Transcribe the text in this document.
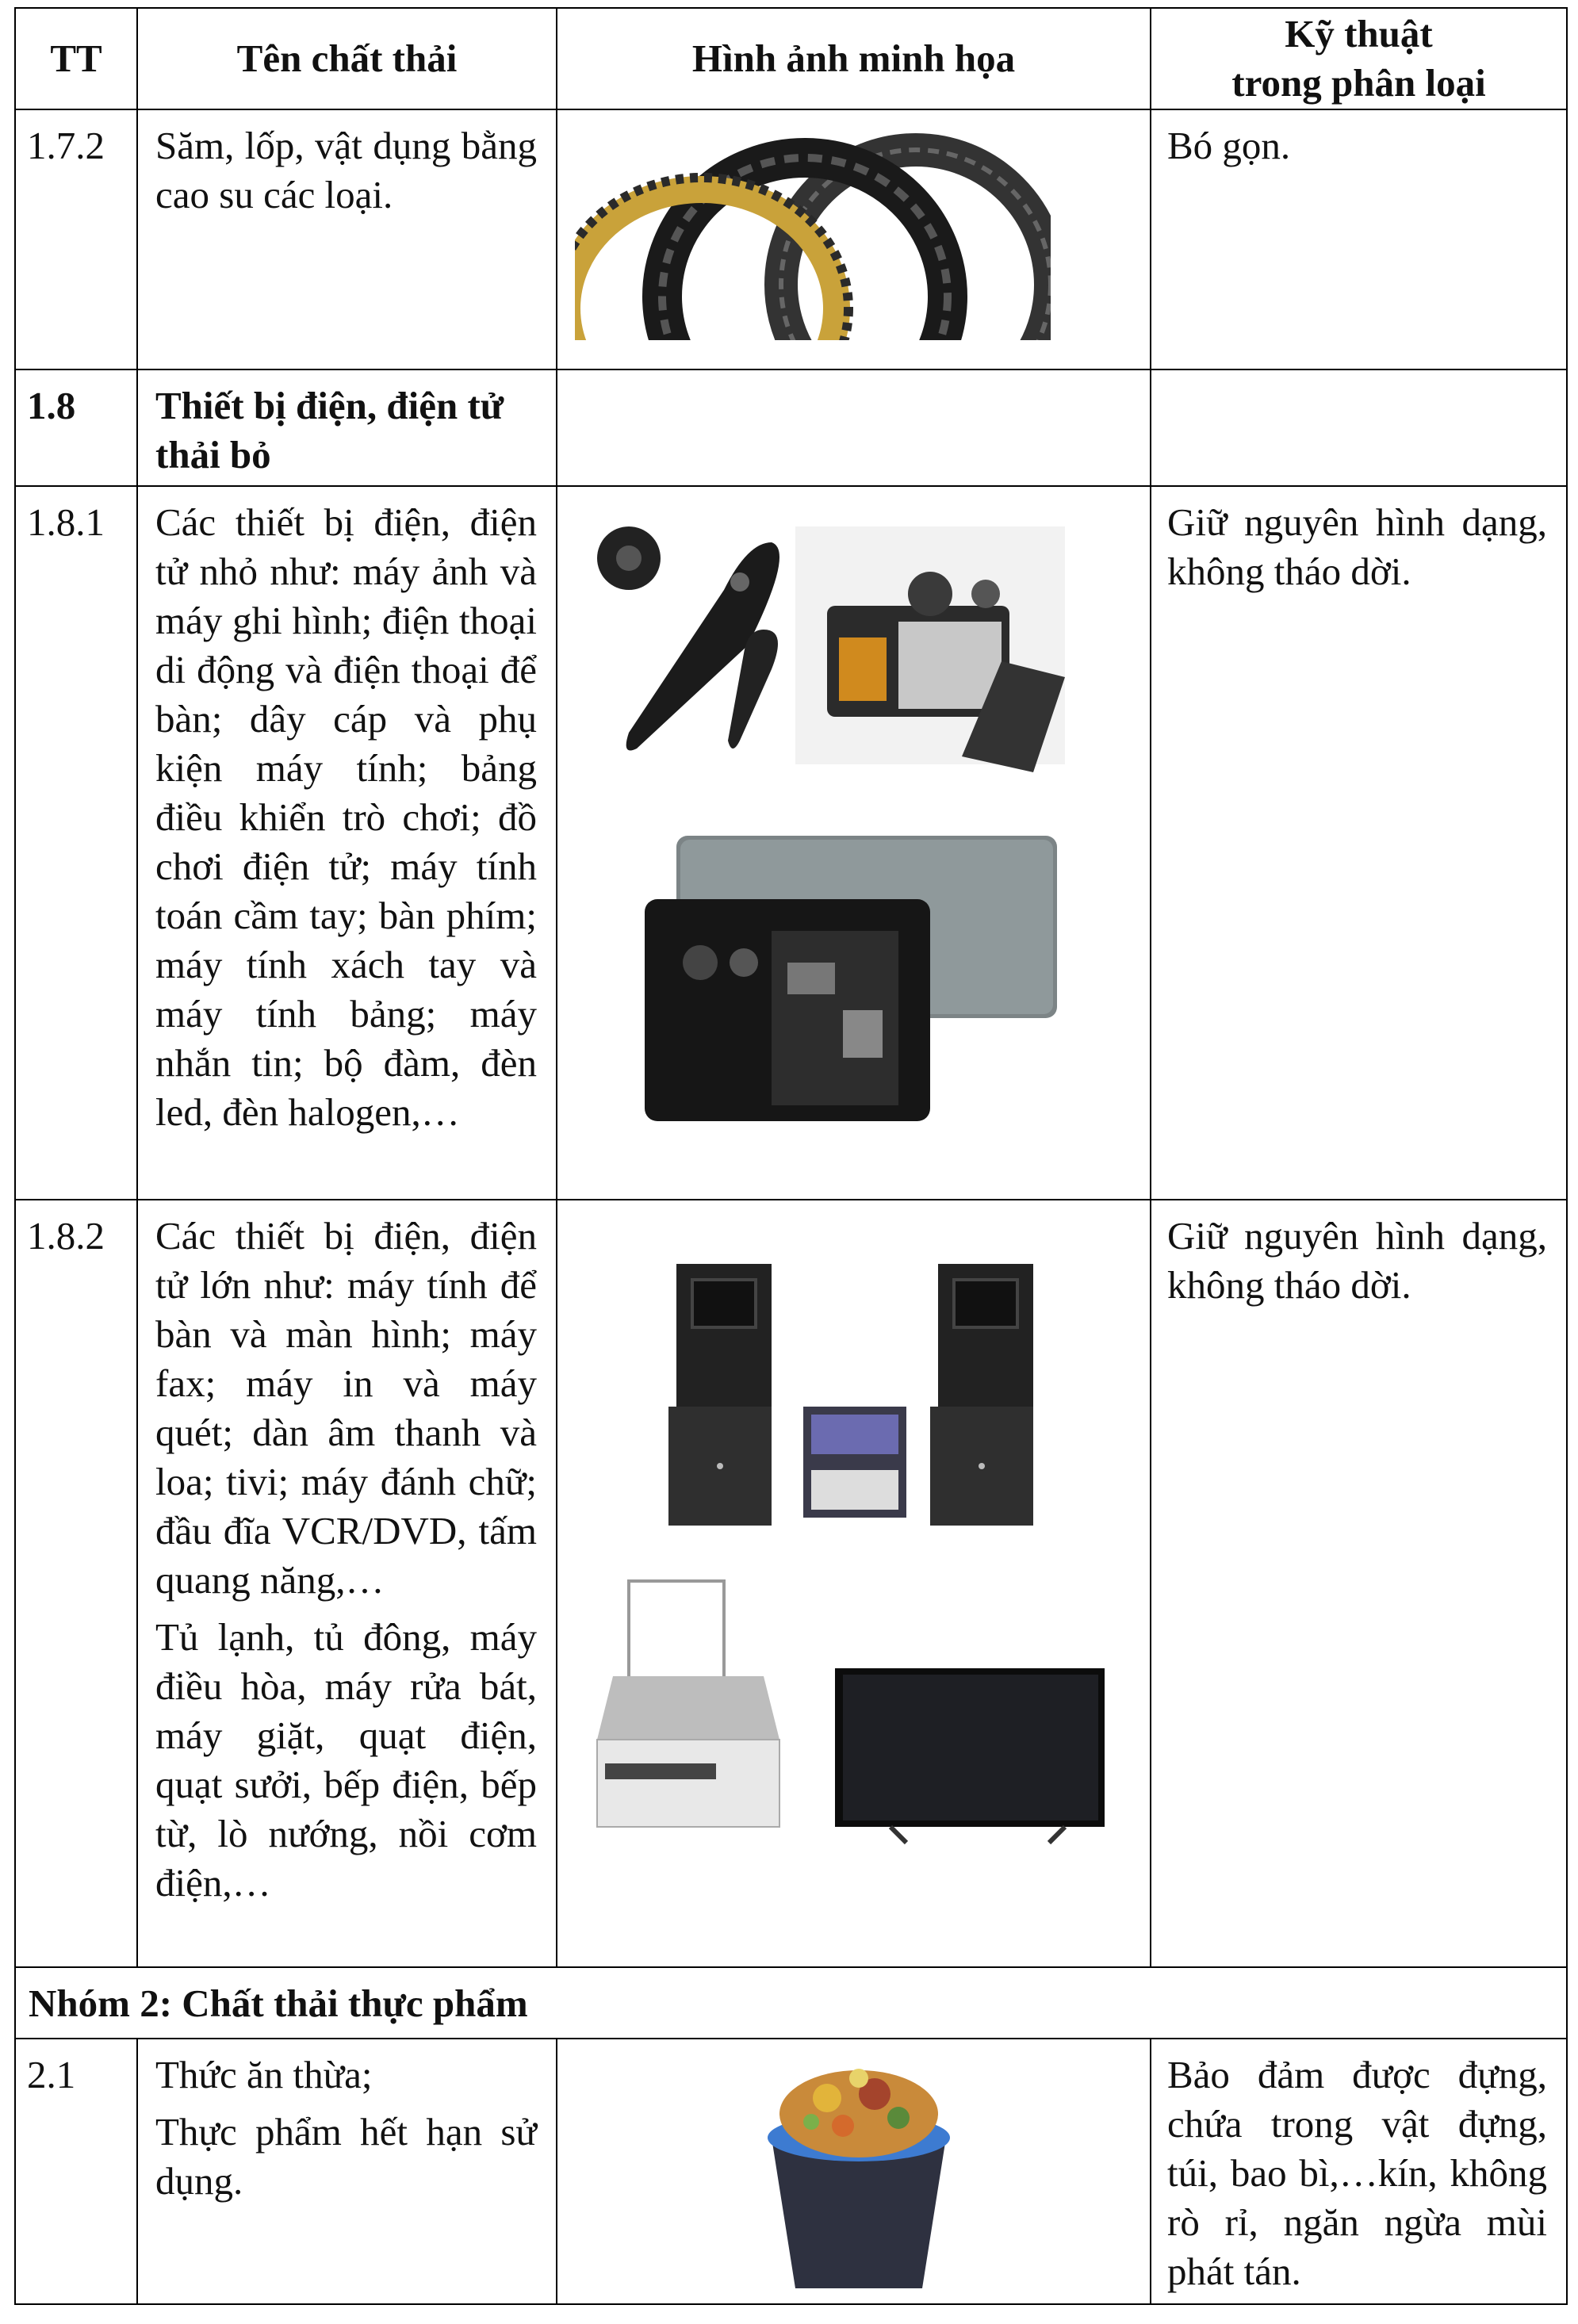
TT	Tên chất thải	Hình ảnh minh họa	Kỹ thuật
trong phân loại
1.7.2	Săm, lốp, vật dụng bằng cao su các loại.		Bó gọn.
1.8	Thiết bị điện, điện tử thải bỏ		
1.8.1	Các thiết bị điện, điện tử nhỏ như: máy ảnh và máy ghi hình; điện thoại di động và điện thoại để bàn; dây cáp và phụ kiện máy tính; bảng điều khiển trò chơi; đồ chơi điện tử; máy tính toán cầm tay; bàn phím; máy tính xách tay và máy tính bảng; máy nhắn tin; bộ đàm, đèn led, đèn halogen,…		Giữ nguyên hình dạng, không tháo dời.
1.8.2	Các thiết bị điện, điện tử lớn như: máy tính để bàn và màn hình; máy fax; máy in và máy quét; dàn âm thanh và loa; tivi; máy đánh chữ; đầu đĩa VCR/DVD, tấm quang năng,…

Tủ lạnh, tủ đông, máy điều hòa, máy rửa bát, máy giặt, quạt điện, quạt sưởi, bếp điện, bếp từ, lò nướng, nồi cơm điện,…		Giữ nguyên hình dạng, không tháo dời.
Nhóm 2: Chất thải thực phẩm			
2.1	Thức ăn thừa;

Thực phẩm hết hạn sử dụng.		Bảo đảm được đựng, chứa trong vật đựng, túi, bao bì,…kín, không rò rỉ, ngăn ngừa mùi phát tán.
